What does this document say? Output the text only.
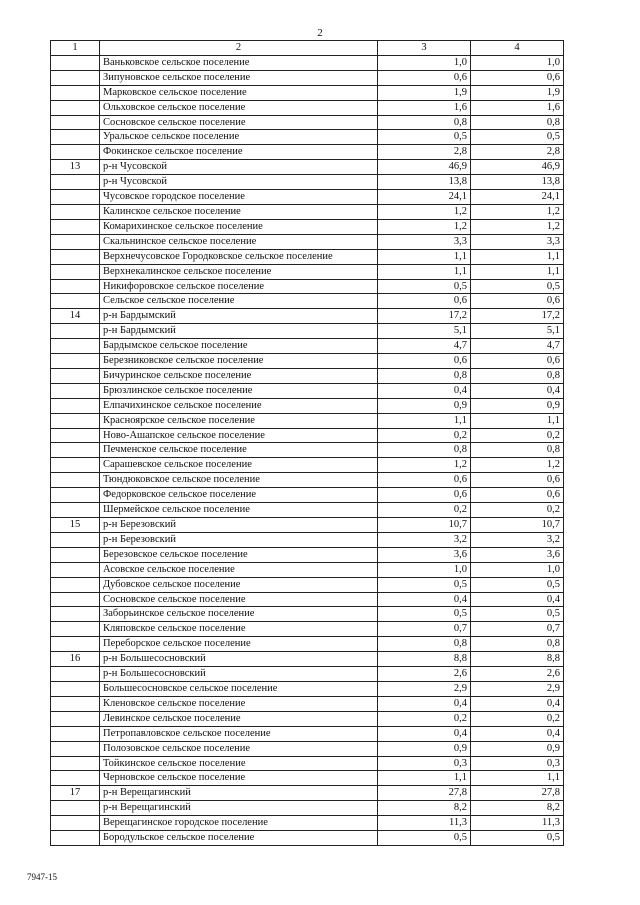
2
1	2	3	4
	Ваньковское сельское поселение	1,0	1,0
	Зипуновское сельское поселение	0,6	0,6
	Марковское сельское поселение	1,9	1,9
	Ольховское сельское поселение	1,6	1,6
	Сосновское сельское поселение	0,8	0,8
	Уральское сельское поселение	0,5	0,5
	Фокинское сельское поселение	2,8	2,8
13	р-н Чусовской	46,9	46,9
	р-н Чусовской	13,8	13,8
	Чусовское городское поселение	24,1	24,1
	Калинское сельское поселение	1,2	1,2
	Комарихинское сельское поселение	1,2	1,2
	Скальнинское сельское поселение	3,3	3,3
	Верхнечусовское Городковское сельское поселение	1,1	1,1
	Верхнекалинское сельское поселение	1,1	1,1
	Никифоровское сельское поселение	0,5	0,5
	Сельское сельское поселение	0,6	0,6
14	р-н Бардымский	17,2	17,2
	р-н Бардымский	5,1	5,1
	Бардымское сельское поселение	4,7	4,7
	Березниковское сельское поселение	0,6	0,6
	Бичуринское сельское поселение	0,8	0,8
	Брюзлинское сельское поселение	0,4	0,4
	Елпачихинское сельское поселение	0,9	0,9
	Красноярское сельское поселение	1,1	1,1
	Ново-Ашапское сельское поселение	0,2	0,2
	Печменское сельское поселение	0,8	0,8
	Сарашевское сельское поселение	1,2	1,2
	Тюндюковское сельское поселение	0,6	0,6
	Федорковское сельское поселение	0,6	0,6
	Шермейское сельское поселение	0,2	0,2
15	р-н Березовский	10,7	10,7
	р-н Березовский	3,2	3,2
	Березовское сельское поселение	3,6	3,6
	Асовское сельское поселение	1,0	1,0
	Дубовское сельское поселение	0,5	0,5
	Сосновское сельское поселение	0,4	0,4
	Заборьинское сельское поселение	0,5	0,5
	Кляповское сельское поселение	0,7	0,7
	Переборское сельское поселение	0,8	0,8
16	р-н Большесосновский	8,8	8,8
	р-н Большесосновский	2,6	2,6
	Большесосновское сельское поселение	2,9	2,9
	Кленовское сельское поселение	0,4	0,4
	Левинское сельское поселение	0,2	0,2
	Петропавловское сельское поселение	0,4	0,4
	Полозовское сельское поселение	0,9	0,9
	Тойкинское сельское поселение	0,3	0,3
	Черновское сельское поселение	1,1	1,1
17	р-н Верещагинский	27,8	27,8
	р-н Верещагинский	8,2	8,2
	Верещагинское городское поселение	11,3	11,3
	Бородульское сельское поселение	0,5	0,5
7947-15
